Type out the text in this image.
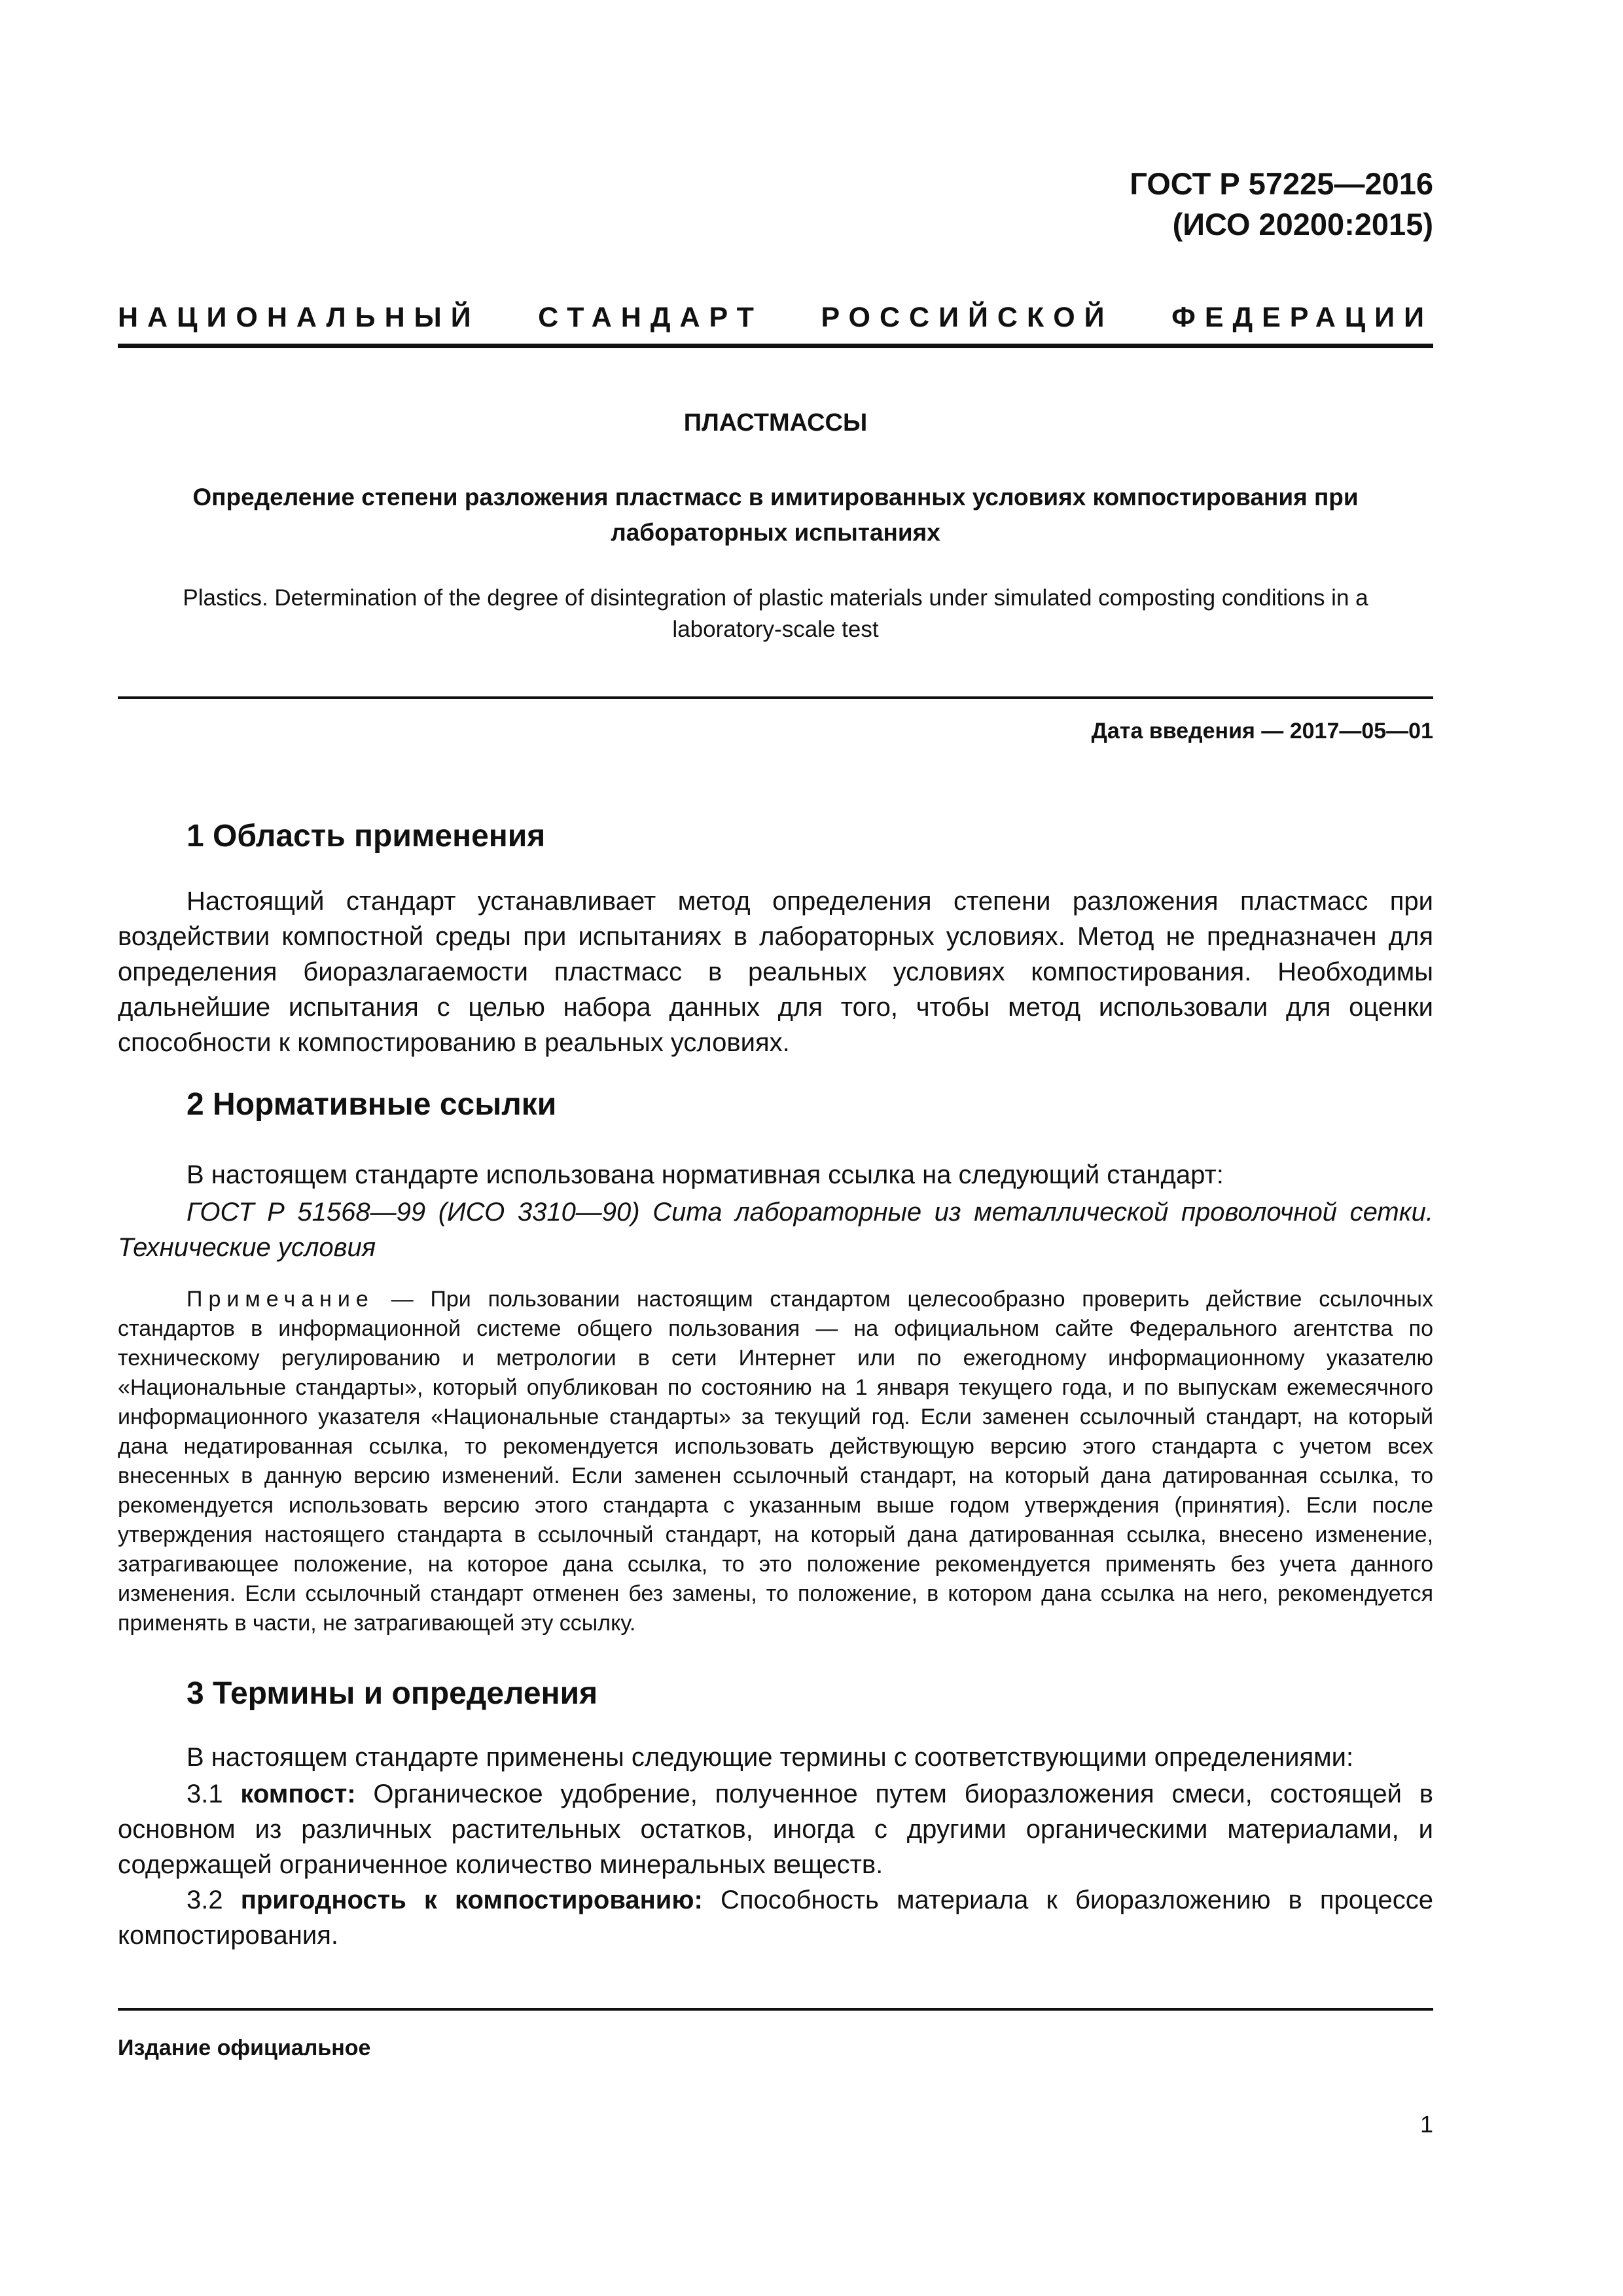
ГОСТ Р 57225—2016
(ИСО 20200:2015)
НАЦИОНАЛЬНЫЙ СТАНДАРТ РОССИЙСКОЙ ФЕДЕРАЦИИ
ПЛАСТМАССЫ
Определение степени разложения пластмасс в имитированных условиях компостирования при лабораторных испытаниях
Plastics. Determination of the degree of disintegration of plastic materials under simulated composting conditions in a laboratory-scale test
Дата введения — 2017—05—01
1 Область применения
Настоящий стандарт устанавливает метод определения степени разложения пластмасс при воздействии компостной среды при испытаниях в лабораторных условиях. Метод не предназначен для определения биоразлагаемости пластмасс в реальных условиях компостирования. Необходимы дальнейшие испытания с целью набора данных для того, чтобы метод использовали для оценки способности к компостированию в реальных условиях.
2 Нормативные ссылки
В настоящем стандарте использована нормативная ссылка на следующий стандарт:
ГОСТ Р 51568—99 (ИСО 3310—90) Сита лабораторные из металлической проволочной сетки. Технические условия
Примечание — При пользовании настоящим стандартом целесообразно проверить действие ссылочных стандартов в информационной системе общего пользования — на официальном сайте Федерального агентства по техническому регулированию и метрологии в сети Интернет или по ежегодному информационному указателю «Национальные стандарты», который опубликован по состоянию на 1 января текущего года, и по выпускам ежемесячного информационного указателя «Национальные стандарты» за текущий год. Если заменен ссылочный стандарт, на который дана недатированная ссылка, то рекомендуется использовать действующую версию этого стандарта с учетом всех внесенных в данную версию изменений. Если заменен ссылочный стандарт, на который дана датированная ссылка, то рекомендуется использовать версию этого стандарта с указанным выше годом утверждения (принятия). Если после утверждения настоящего стандарта в ссылочный стандарт, на который дана датированная ссылка, внесено изменение, затрагивающее положение, на которое дана ссылка, то это положение рекомендуется применять без учета данного изменения. Если ссылочный стандарт отменен без замены, то положение, в котором дана ссылка на него, рекомендуется применять в части, не затрагивающей эту ссылку.
3 Термины и определения
В настоящем стандарте применены следующие термины с соответствующими определениями:
3.1 компост: Органическое удобрение, полученное путем биоразложения смеси, состоящей в основном из различных растительных остатков, иногда с другими органическими материалами, и содержащей ограниченное количество минеральных веществ.
3.2 пригодность к компостированию: Способность материала к биоразложению в процессе компостирования.
Издание официальное
1
